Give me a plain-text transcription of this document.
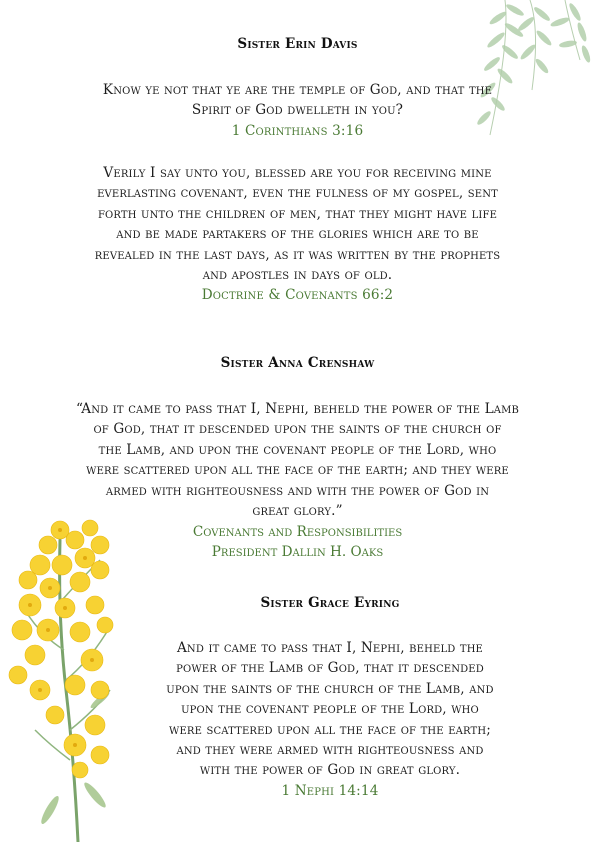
Sister Erin Davis
Know ye not that ye are the temple of God, and that the
Spirit of God dwelleth in you?
1 Corinthians 3:16
Verily I say unto you, blessed are you for receiving mine
everlasting covenant, even the fulness of my gospel, sent
forth unto the children of men, that they might have life
and be made partakers of the glories which are to be
revealed in the last days, as it was written by the prophets
and apostles in days of old.
Doctrine & Covenants 66:2
Sister Anna Crenshaw
“And it came to pass that I, Nephi, beheld the power of the Lamb
of God, that it descended upon the saints of the church of
the Lamb, and upon the covenant people of the Lord, who
were scattered upon all the face of the earth; and they were
armed with righteousness and with the power of God in
great glory.”
Covenants and Responsibilities
President Dallin H. Oaks
Sister Grace Eyring
And it came to pass that I, Nephi, beheld the
power of the Lamb of God, that it descended
upon the saints of the church of the Lamb, and
upon the covenant people of the Lord, who
were scattered upon all the face of the earth;
and they were armed with righteousness and
with the power of God in great glory.
1 Nephi 14:14
